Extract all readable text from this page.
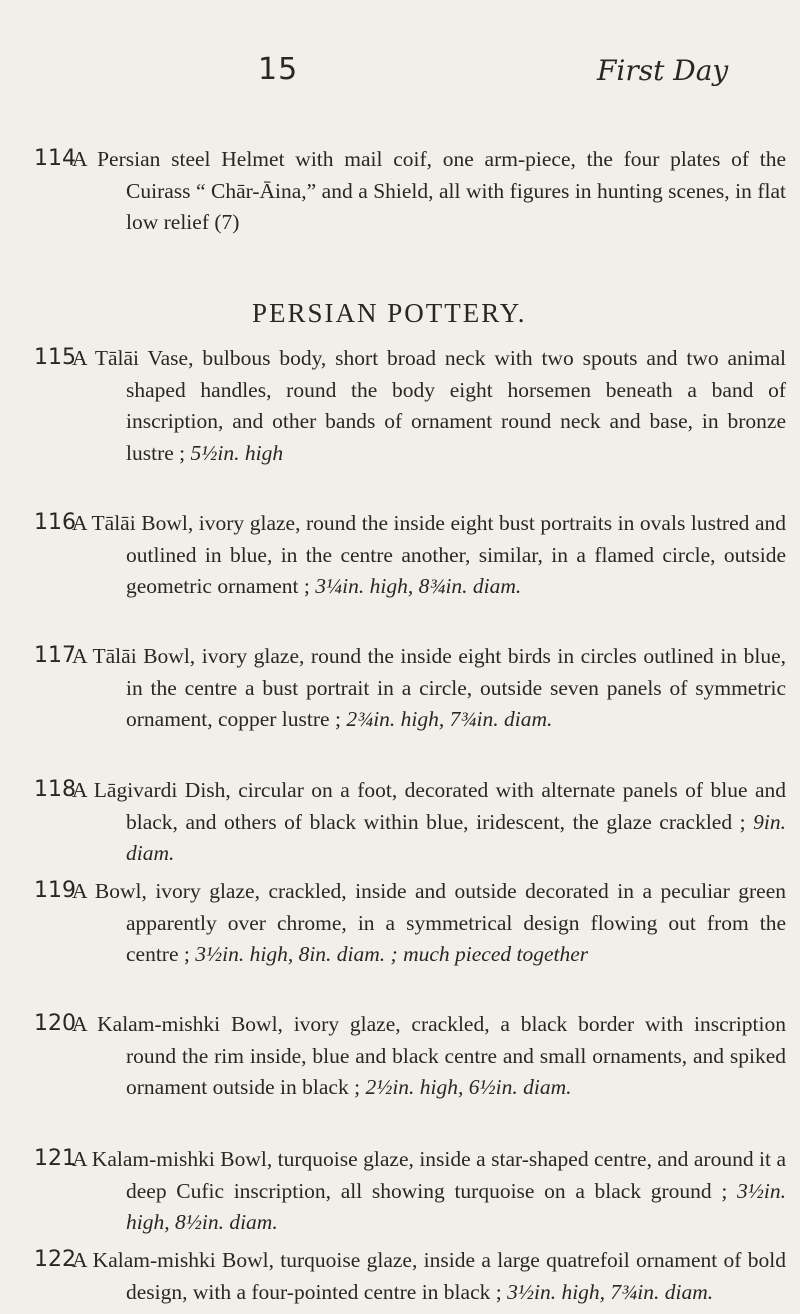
15	First Day
114
A Persian steel Helmet with mail coif, one arm-piece, the four plates of the Cuirass “ Chār-Āina,” and a Shield, all with figures in hunting scenes, in flat low relief (7)
PERSIAN POTTERY.
115
A Tālāi Vase, bulbous body, short broad neck with two spouts and two animal shaped handles, round the body eight horsemen beneath a band of inscription, and other bands of ornament round neck and base, in bronze lustre ; 5½in. high
116
A Tālāi Bowl, ivory glaze, round the inside eight bust portraits in ovals lustred and outlined in blue, in the centre another, similar, in a flamed circle, outside geometric ornament ; 3¼in. high, 8¾in. diam.
117
A Tālāi Bowl, ivory glaze, round the inside eight birds in circles outlined in blue, in the centre a bust portrait in a circle, outside seven panels of symmetric ornament, copper lustre ; 2¾in. high, 7¾in. diam.
118
A Lāgivardi Dish, circular on a foot, decorated with alternate panels of blue and black, and others of black within blue, iridescent, the glaze crackled ; 9in. diam.
119
A Bowl, ivory glaze, crackled, inside and outside decorated in a peculiar green apparently over chrome, in a symmetrical design flowing out from the centre ; 3½in. high, 8in. diam. ; much pieced together
120
A Kalam-mishki Bowl, ivory glaze, crackled, a black border with inscription round the rim inside, blue and black centre and small ornaments, and spiked ornament outside in black ; 2½in. high, 6½in. diam.
121
A Kalam-mishki Bowl, turquoise glaze, inside a star-shaped centre, and around it a deep Cufic inscription, all showing turquoise on a black ground ; 3½in. high, 8½in. diam.
122
A Kalam-mishki Bowl, turquoise glaze, inside a large quatrefoil ornament of bold design, with a four-pointed centre in black ; 3½in. high, 7¾in. diam.
